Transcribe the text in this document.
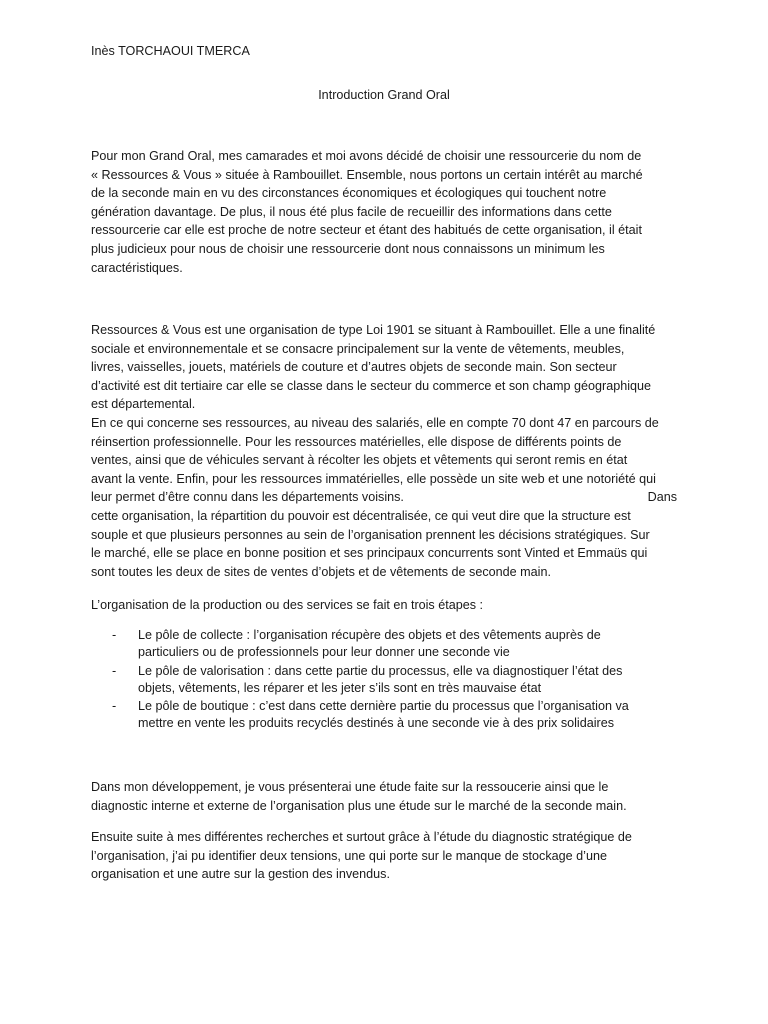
Inès TORCHAOUI TMERCA
Introduction Grand Oral
Pour mon Grand Oral, mes camarades et moi avons décidé de choisir une ressourcerie du nom de
« Ressources & Vous » située à Rambouillet. Ensemble, nous portons un certain intérêt au marché
de la seconde main en vu des circonstances économiques et écologiques qui touchent notre
génération davantage. De plus, il nous été plus facile de recueillir des informations dans cette
ressourcerie car elle est proche de notre secteur et étant des habitués de cette organisation, il était
plus judicieux pour nous de choisir une ressourcerie dont nous connaissons un minimum les
caractéristiques.
Ressources & Vous est une organisation de type Loi 1901 se situant à Rambouillet. Elle a une finalité
sociale et environnementale et se consacre principalement sur la vente de vêtements, meubles,
livres, vaisselles, jouets, matériels de couture et d’autres objets de seconde main. Son secteur
d’activité est dit tertiaire car elle se classe dans le secteur du commerce et son champ géographique
est départemental.
En ce qui concerne ses ressources, au niveau des salariés, elle en compte 70 dont 47 en parcours de
réinsertion professionnelle. Pour les ressources matérielles, elle dispose de différents points de
ventes, ainsi que de véhicules servant à récolter les objets et vêtements qui seront remis en état
avant la vente. Enfin, pour les ressources immatérielles, elle possède un site web et une notoriété qui
leur permet d’être connu dans les départements voisins.	Dans
cette organisation, la répartition du pouvoir est décentralisée, ce qui veut dire que la structure est
souple et que plusieurs personnes au sein de l’organisation prennent les décisions stratégiques. Sur
le marché, elle se place en bonne position et ses principaux concurrents sont Vinted et Emmaüs qui
sont toutes les deux de sites de ventes d’objets et de vêtements de seconde main.
L’organisation de la production ou des services se fait en trois étapes :
- Le pôle de collecte : l’organisation récupère des objets et des vêtements auprès de
particuliers ou de professionnels pour leur donner une seconde vie
- Le pôle de valorisation : dans cette partie du processus, elle va diagnostiquer l’état des
objets, vêtements, les réparer et les jeter s’ils sont en très mauvaise état
- Le pôle de boutique : c’est dans cette dernière partie du processus que l’organisation va
mettre en vente les produits recyclés destinés à une seconde vie à des prix solidaires
Dans mon développement, je vous présenterai une étude faite sur la ressoucerie ainsi que le
diagnostic interne et externe de l’organisation plus une étude sur le marché de la seconde main.
Ensuite suite à mes différentes recherches et surtout grâce à l’étude du diagnostic stratégique de
l’organisation, j’ai pu identifier deux tensions, une qui porte sur le manque de stockage d’une
organisation et une autre sur la gestion des invendus.
